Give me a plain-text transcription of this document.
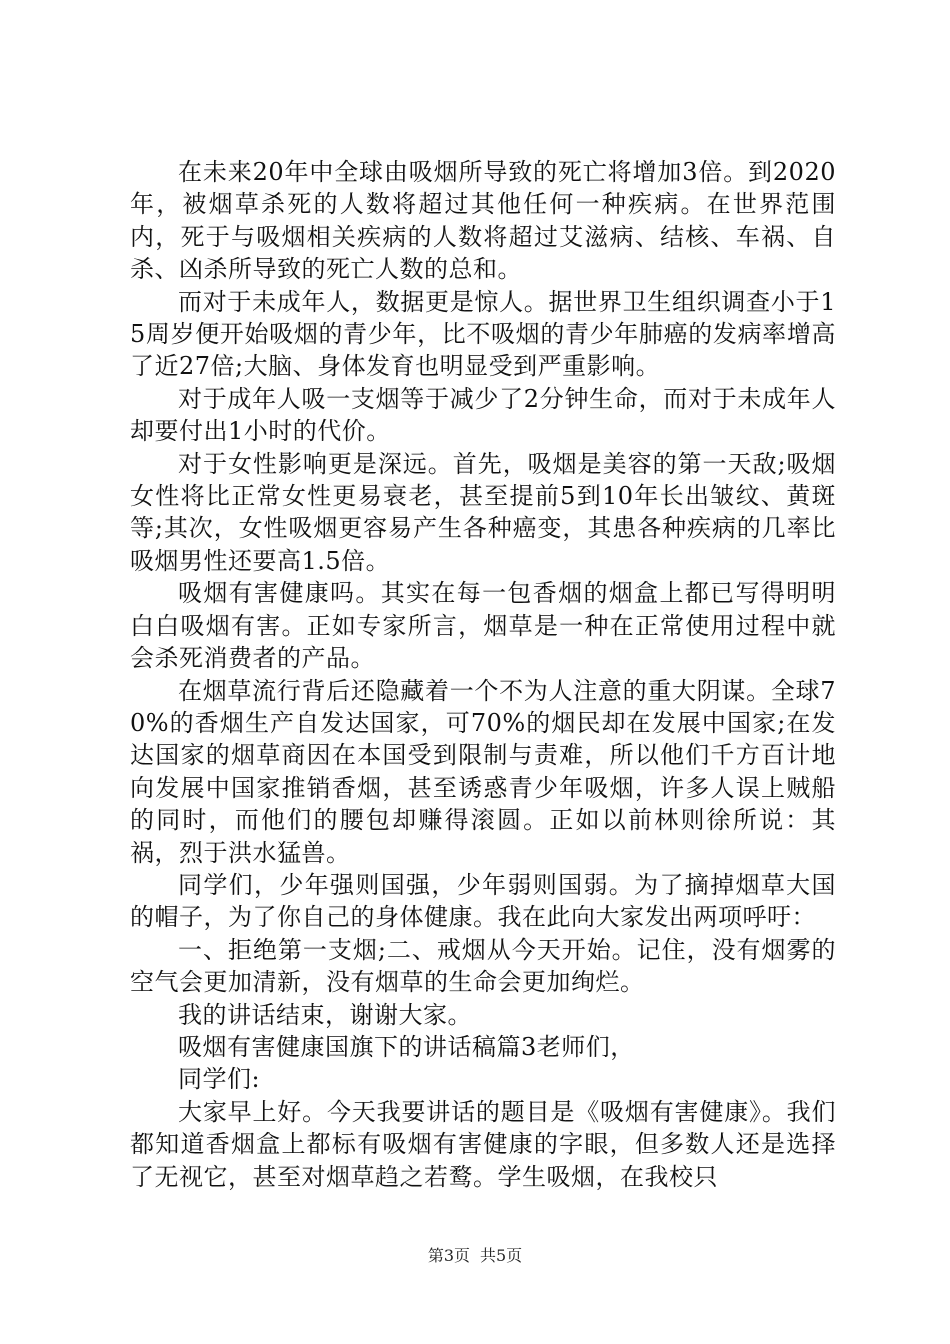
在未来20年中全球由吸烟所导致的死亡将增加3倍。到2020年，被烟草杀死的人数将超过其他任何一种疾病。在世界范围内，死于与吸烟相关疾病的人数将超过艾滋病、结核、车祸、自杀、凶杀所导致的死亡人数的总和。

而对于未成年人，数据更是惊人。据世界卫生组织调查小于15周岁便开始吸烟的青少年，比不吸烟的青少年肺癌的发病率增高了近27倍;大脑、身体发育也明显受到严重影响。

对于成年人吸一支烟等于减少了2分钟生命，而对于未成年人却要付出1小时的代价。

对于女性影响更是深远。首先，吸烟是美容的第一天敌;吸烟女性将比正常女性更易衰老，甚至提前5到10年长出皱纹、黄斑等;其次，女性吸烟更容易产生各种癌变，其患各种疾病的几率比吸烟男性还要高1.5倍。

吸烟有害健康吗。其实在每一包香烟的烟盒上都已写得明明白白吸烟有害。正如专家所言，烟草是一种在正常使用过程中就会杀死消费者的产品。

在烟草流行背后还隐藏着一个不为人注意的重大阴谋。全球70%的香烟生产自发达国家，可70%的烟民却在发展中国家;在发达国家的烟草商因在本国受到限制与责难，所以他们千方百计地向发展中国家推销香烟，甚至诱惑青少年吸烟，许多人误上贼船的同时，而他们的腰包却赚得滚圆。正如以前林则徐所说：其祸，烈于洪水猛兽。

同学们，少年强则国强，少年弱则国弱。为了摘掉烟草大国的帽子，为了你自己的身体健康。我在此向大家发出两项呼吁：

一、拒绝第一支烟;二、戒烟从今天开始。记住，没有烟雾的空气会更加清新，没有烟草的生命会更加绚烂。

我的讲话结束，谢谢大家。

吸烟有害健康国旗下的讲话稿篇3老师们，

同学们:

大家早上好。今天我要讲话的题目是《吸烟有害健康》。我们都知道香烟盒上都标有吸烟有害健康的字眼，但多数人还是选择了无视它，甚至对烟草趋之若鹜。学生吸烟，在我校只

第3页 共5页
